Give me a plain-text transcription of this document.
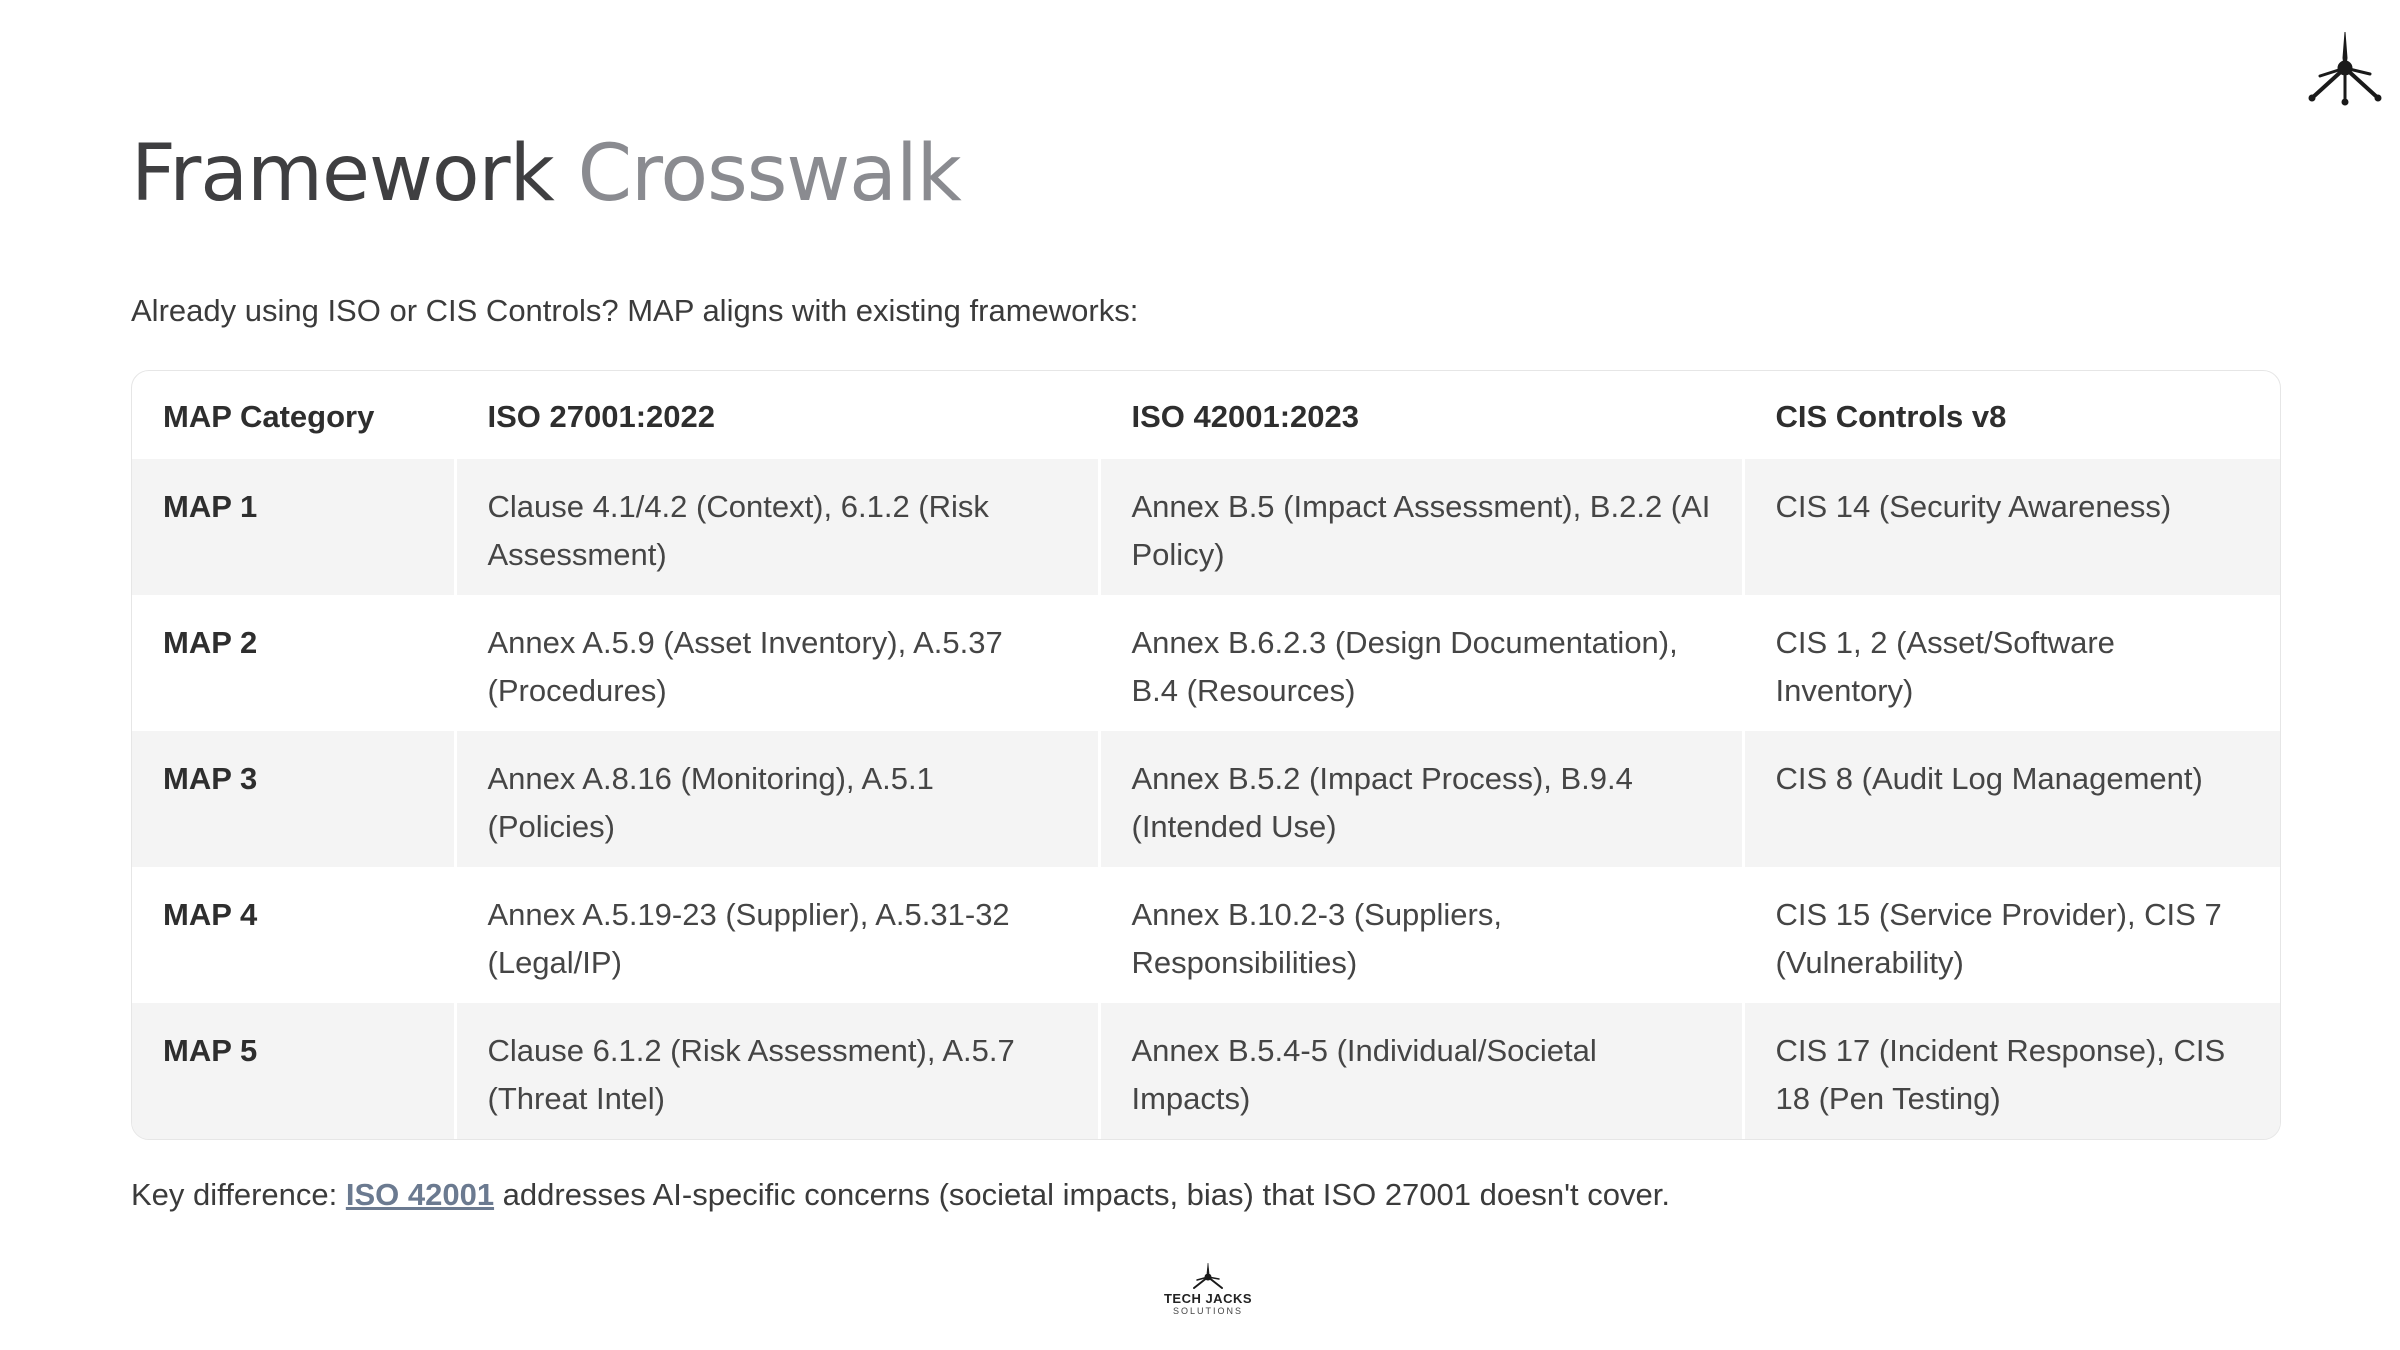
Framework Crosswalk

Already using ISO or CIS Controls? MAP aligns with existing frameworks:

MAP Category	ISO 27001:2022	ISO 42001:2023	CIS Controls v8
MAP 1	Clause 4.1/4.2 (Context), 6.1.2 (Risk Assessment)	Annex B.5 (Impact Assessment), B.2.2 (AI Policy)	CIS 14 (Security Awareness)
MAP 2	Annex A.5.9 (Asset Inventory), A.5.37 (Procedures)	Annex B.6.2.3 (Design Documentation), B.4 (Resources)	CIS 1, 2 (Asset/Software Inventory)
MAP 3	Annex A.8.16 (Monitoring), A.5.1 (Policies)	Annex B.5.2 (Impact Process), B.9.4 (Intended Use)	CIS 8 (Audit Log Management)
MAP 4	Annex A.5.19-23 (Supplier), A.5.31-32 (Legal/IP)	Annex B.10.2-3 (Suppliers, Responsibilities)	CIS 15 (Service Provider), CIS 7 (Vulnerability)
MAP 5	Clause 6.1.2 (Risk Assessment), A.5.7 (Threat Intel)	Annex B.5.4-5 (Individual/Societal Impacts)	CIS 17 (Incident Response), CIS 18 (Pen Testing)

Key difference: ISO 42001 addresses AI-specific concerns (societal impacts, bias) that ISO 27001 doesn't cover.

TECH JACKS
SOLUTIONS
